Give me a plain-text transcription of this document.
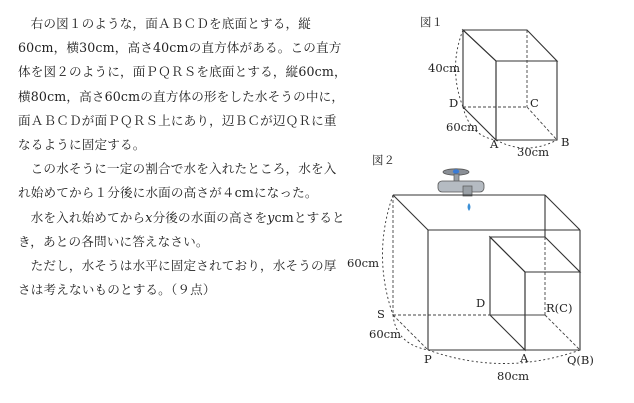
右の図１のような，面ＡＢＣＤを底面とする，縦60cm，横30cm，高さ40cmの直方体がある。この直方体を図２のように，面ＰＱＲＳを底面とする，縦60cm，横80cm，高さ60cmの直方体の形をした水そうの中に，面ＡＢＣＤが面ＰＱＲＳ上にあり，辺ＢＣが辺ＱＲに重なるように固定する。

この水そうに一定の割合で水を入れたところ，水を入れ始めてから１分後に水面の高さが４cmになった。

水を入れ始めてからx分後の水面の高さをycmとするとき，あとの各問いに答えなさい。

ただし，水そうは水平に固定されており，水そうの厚さは考えないものとする。（９点）

図１
40cm
60cm
30cm
D	C
A	B
図２
60cm
60cm
80cm
S
P	Q(B)
R(C)
D
A
